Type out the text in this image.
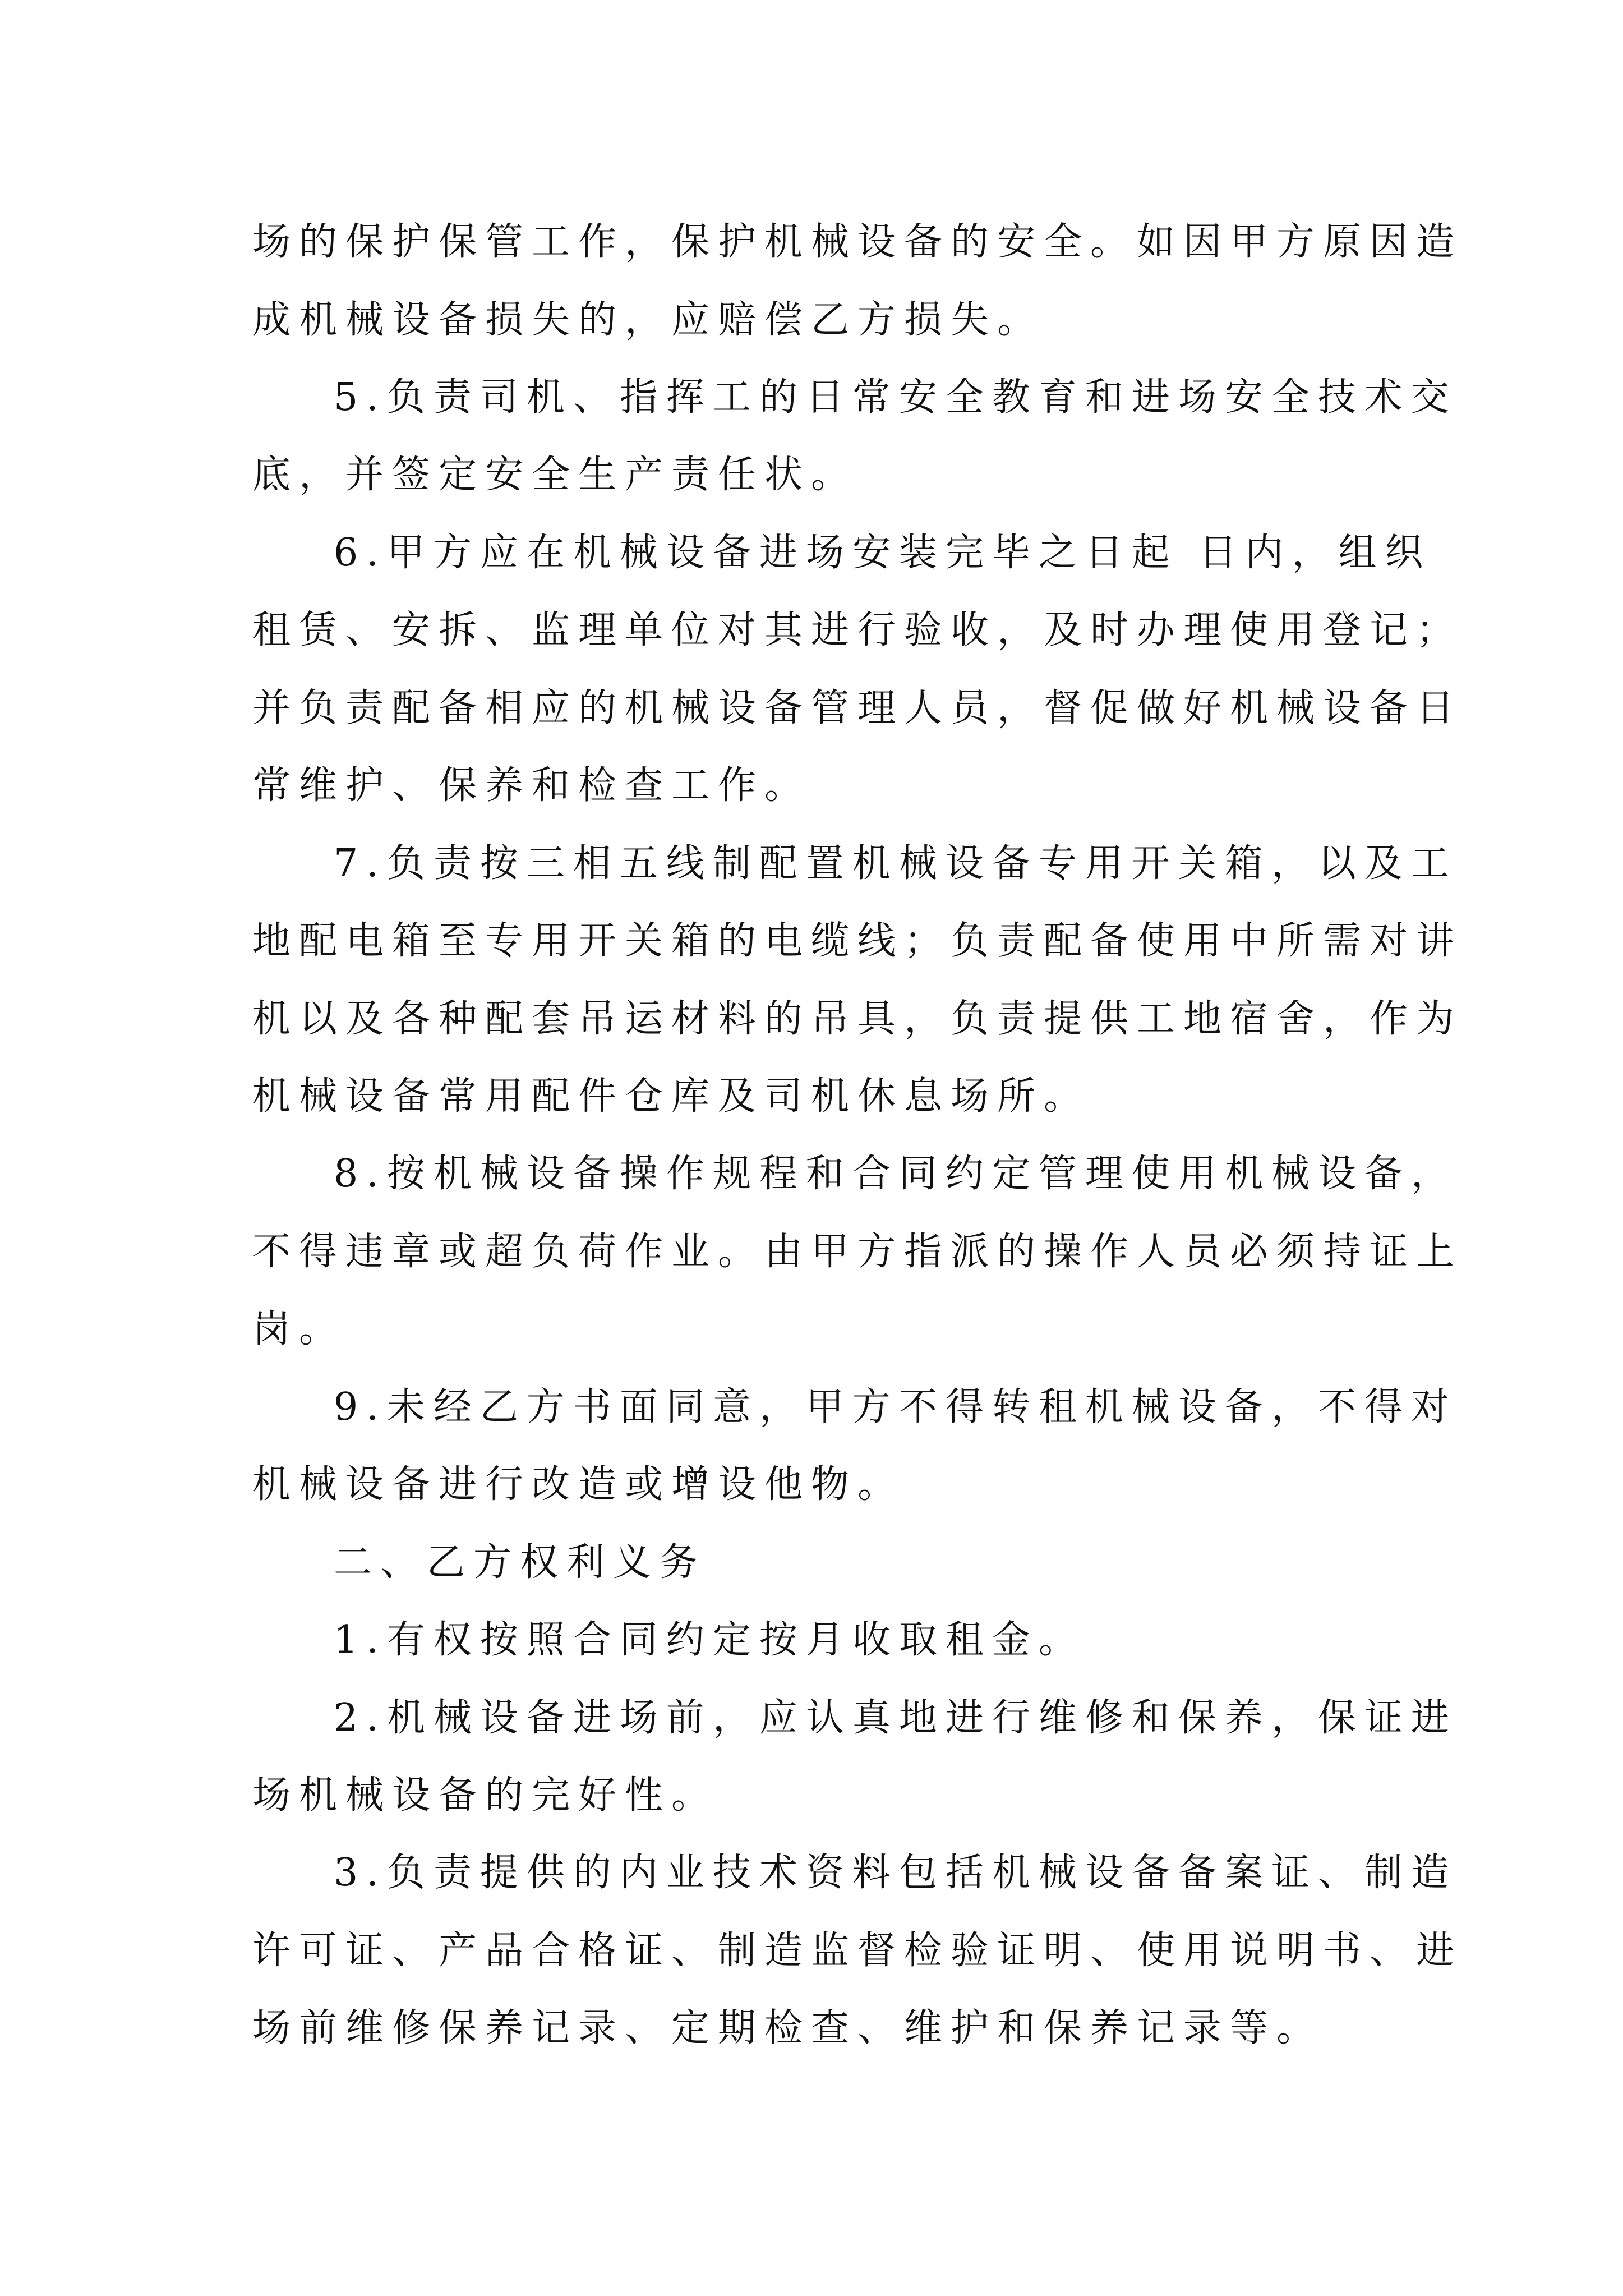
场的保护保管工作，保护机械设备的安全。如因甲方原因造

成机械设备损失的，应赔偿乙方损失。

5.负责司机、指挥工的日常安全教育和进场安全技术交

底，并签定安全生产责任状。

6.甲方应在机械设备进场安装完毕之日起 日内，组织

租赁、安拆、监理单位对其进行验收，及时办理使用登记；

并负责配备相应的机械设备管理人员，督促做好机械设备日

常维护、保养和检查工作。

7.负责按三相五线制配置机械设备专用开关箱，以及工

地配电箱至专用开关箱的电缆线；负责配备使用中所需对讲

机以及各种配套吊运材料的吊具，负责提供工地宿舍，作为

机械设备常用配件仓库及司机休息场所。

8.按机械设备操作规程和合同约定管理使用机械设备，

不得违章或超负荷作业。由甲方指派的操作人员必须持证上

岗。

9.未经乙方书面同意，甲方不得转租机械设备，不得对

机械设备进行改造或增设他物。

二、乙方权利义务

1.有权按照合同约定按月收取租金。

2.机械设备进场前，应认真地进行维修和保养，保证进

场机械设备的完好性。

3.负责提供的内业技术资料包括机械设备备案证、制造

许可证、产品合格证、制造监督检验证明、使用说明书、进

场前维修保养记录、定期检查、维护和保养记录等。
